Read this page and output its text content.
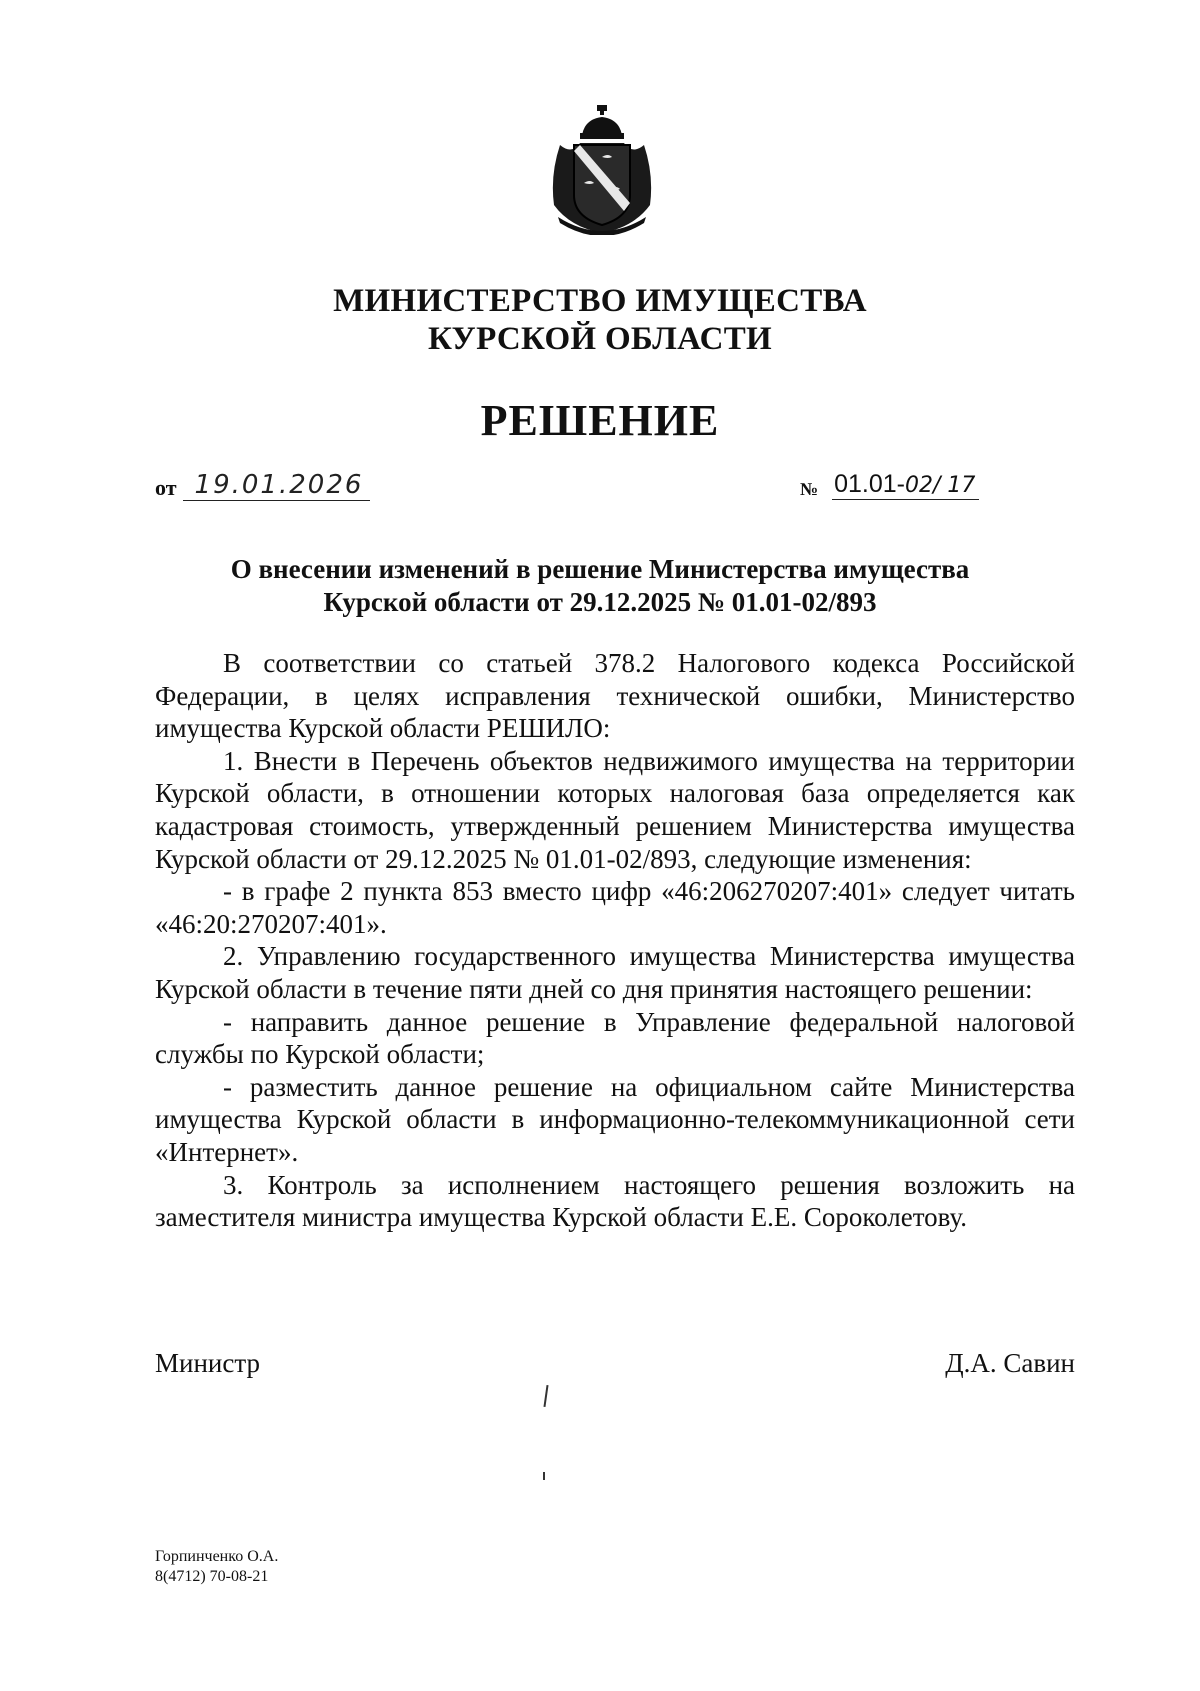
МИНИСТЕРСТВО ИМУЩЕСТВА
КУРСКОЙ ОБЛАСТИ
РЕШЕНИЕ
от 19.01.2026	№ 01.01-02/ 17
О внесении изменений в решение Министерства имущества
Курской области от 29.12.2025 № 01.01-02/893

В соответствии со статьей 378.2 Налогового кодекса Российской Федерации, в целях исправления технической ошибки, Министерство имущества Курской области РЕШИЛО:

1. Внести в Перечень объектов недвижимого имущества на территории Курской области, в отношении которых налоговая база определяется как кадастровая стоимость, утвержденный решением Министерства имущества Курской области от 29.12.2025 № 01.01-02/893, следующие изменения:

- в графе 2 пункта 853 вместо цифр «46:206270207:401» следует читать «46:20:270207:401».

2. Управлению государственного имущества Министерства имущества Курской области в течение пяти дней со дня принятия настоящего решении:

- направить данное решение в Управление федеральной налоговой службы по Курской области;

- разместить данное решение на официальном сайте Министерства имущества Курской области в информационно-телекоммуникационной сети «Интернет».

3. Контроль за исполнением настоящего решения возложить на заместителя министра имущества Курской области Е.Е. Сороколетову.

Министр	Д.А. Савин
Горпинченко О.А.
8(4712) 70-08-21
